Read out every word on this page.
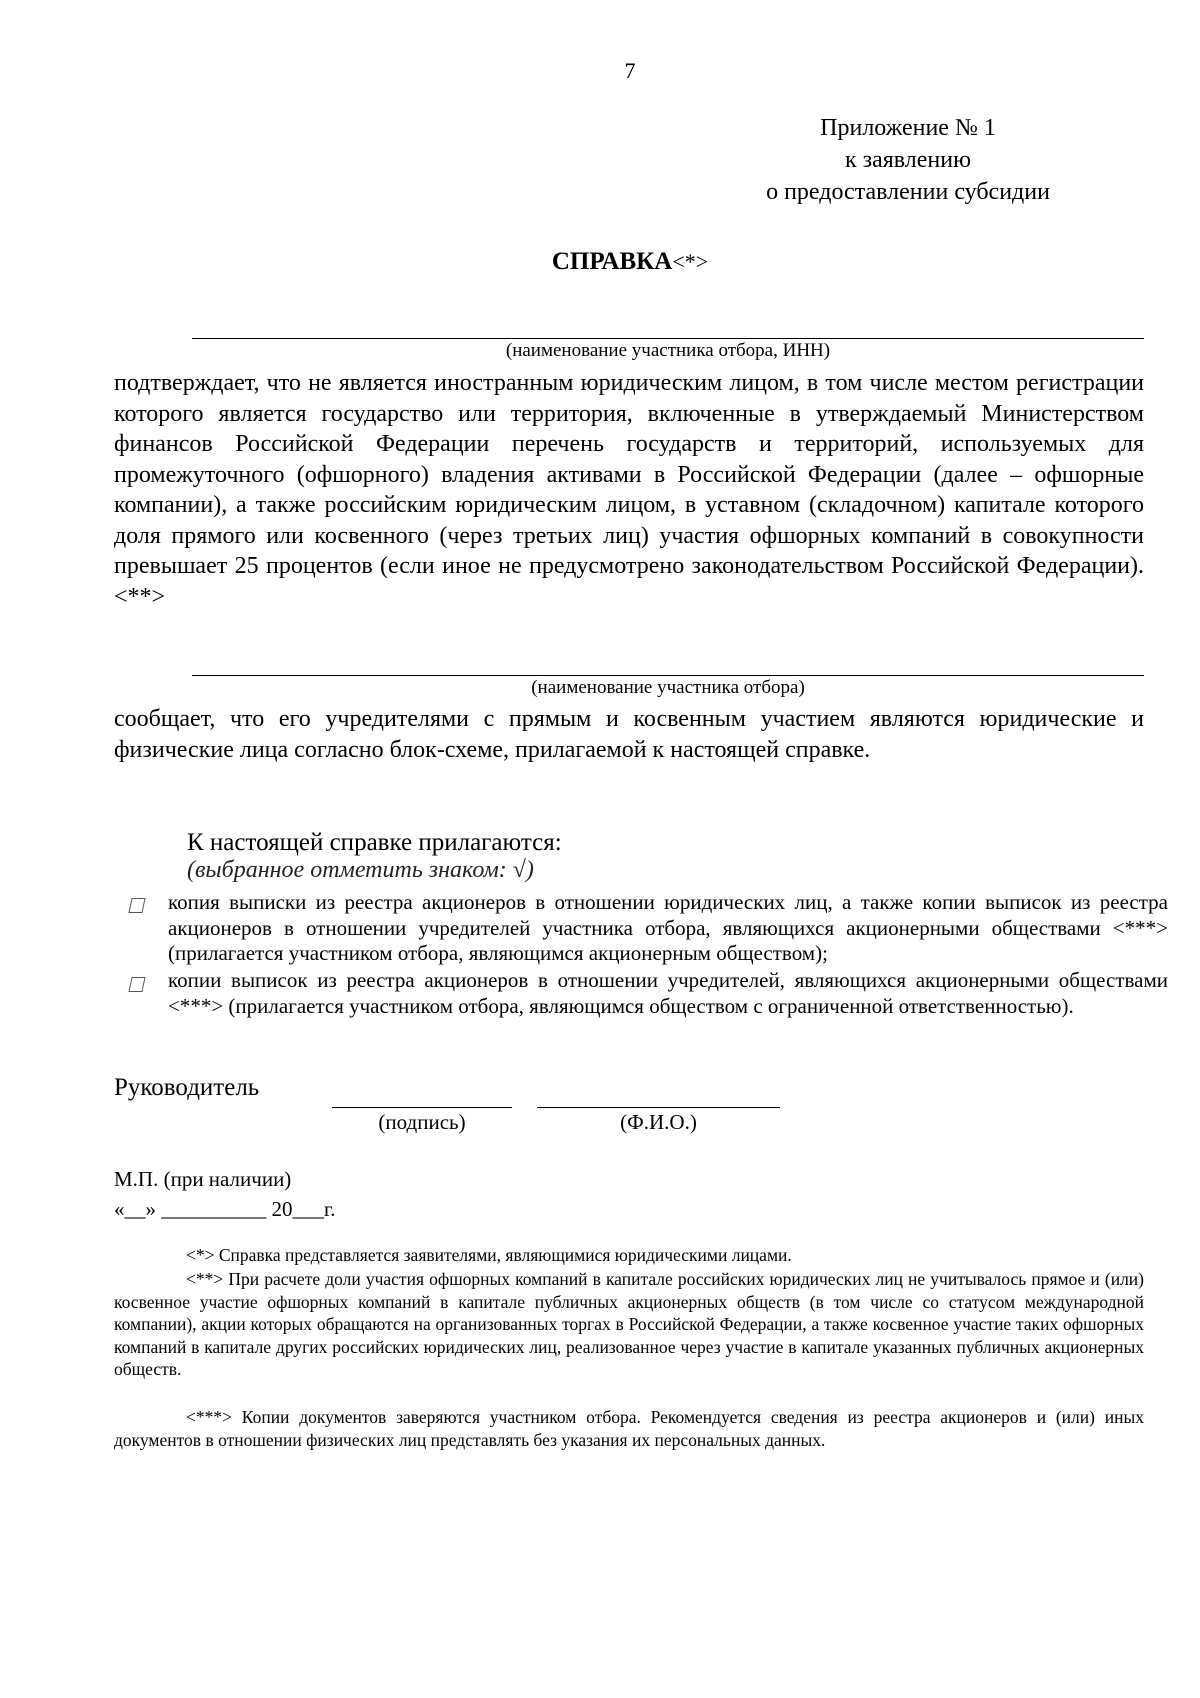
7
Приложение № 1
к заявлению
о предоставлении субсидии
СПРАВКА<*>
(наименование участника отбора, ИНН)
подтверждает, что не является иностранным юридическим лицом, в том числе местом регистрации которого является государство или территория, включенные в утверждаемый Министерством финансов Российской Федерации перечень государств и территорий, используемых для промежуточного (офшорного) владения активами в Российской Федерации (далее – офшорные компании), а также российским юридическим лицом, в уставном (складочном) капитале которого доля прямого или косвенного (через третьих лиц) участия офшорных компаний в совокупности превышает 25 процентов (если иное не предусмотрено законодательством Российской Федерации).<**>
(наименование участника отбора)
сообщает, что его учредителями с прямым и косвенным участием являются юридические и физические лица согласно блок-схеме, прилагаемой к настоящей справке.
К настоящей справке прилагаются:
(выбранное отметить знаком: √)
копия выписки из реестра акционеров в отношении юридических лиц, а также копии выписок из реестра акционеров в отношении учредителей участника отбора, являющихся акционерными обществами <***> (прилагается участником отбора, являющимся акционерным обществом);
копии выписок из реестра акционеров в отношении учредителей, являющихся акционерными обществами <***> (прилагается участником отбора, являющимся обществом с ограниченной ответственностью).
Руководитель
(подпись)	(Ф.И.О.)
М.П. (при наличии)
«__» __________ 20___г.
<*> Справка представляется заявителями, являющимися юридическими лицами.
<**> При расчете доли участия офшорных компаний в капитале российских юридических лиц не учитывалось прямое и (или) косвенное участие офшорных компаний в капитале публичных акционерных обществ (в том числе со статусом международной компании), акции которых обращаются на организованных торгах в Российской Федерации, а также косвенное участие таких офшорных компаний в капитале других российских юридических лиц, реализованное через участие в капитале указанных публичных акционерных обществ.
<***> Копии документов заверяются участником отбора. Рекомендуется сведения из реестра акционеров и (или) иных документов в отношении физических лиц представлять без указания их персональных данных.
